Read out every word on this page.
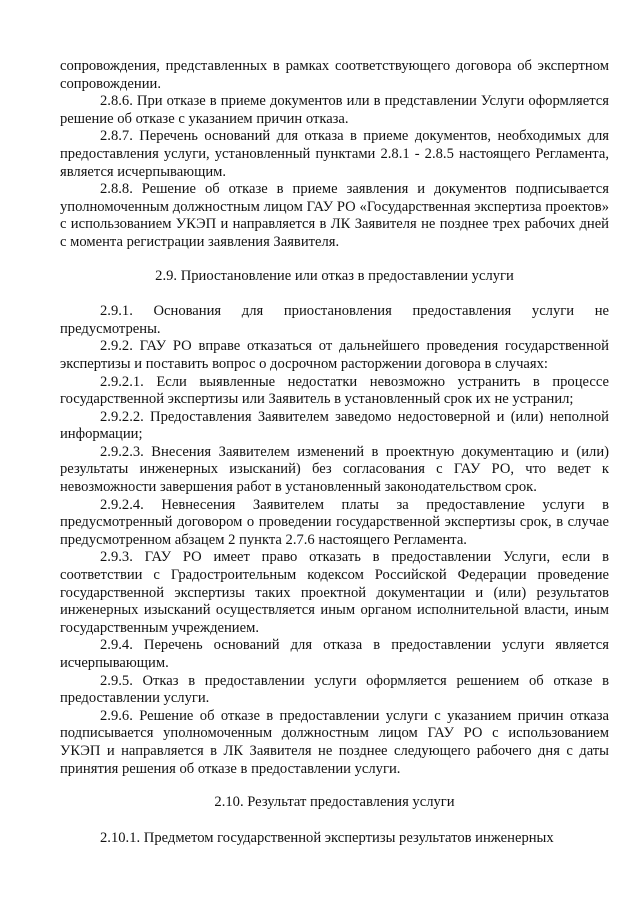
сопровождения, представленных в рамках соответствующего договора об экспертном сопровождении.

2.8.6. При отказе в приеме документов или в представлении Услуги оформляется решение об отказе с указанием причин отказа.

2.8.7. Перечень оснований для отказа в приеме документов, необходимых для предоставления услуги, установленный пунктами 2.8.1 - 2.8.5 настоящего Регламента, является исчерпывающим.

2.8.8. Решение об отказе в приеме заявления и документов подписывается уполномоченным должностным лицом ГАУ РО «Государственная экспертиза проектов» с использованием УКЭП и направляется в ЛК Заявителя не позднее трех рабочих дней с момента регистрации заявления Заявителя.

2.9. Приостановление или отказ в предоставлении услуги

2.9.1. Основания для приостановления предоставления услуги не предусмотрены.

2.9.2. ГАУ РО вправе отказаться от дальнейшего проведения государственной экспертизы и поставить вопрос о досрочном расторжении договора в случаях:

2.9.2.1. Если выявленные недостатки невозможно устранить в процессе государственной экспертизы или Заявитель в установленный срок их не устранил;

2.9.2.2. Предоставления Заявителем заведомо недостоверной и (или) неполной информации;

2.9.2.3. Внесения Заявителем изменений в проектную документацию и (или) результаты инженерных изысканий) без согласования с ГАУ РО, что ведет к невозможности завершения работ в установленный законодательством срок.

2.9.2.4. Невнесения Заявителем платы за предоставление услуги в предусмотренный договором о проведении государственной экспертизы срок, в случае предусмотренном абзацем 2 пункта 2.7.6 настоящего Регламента.

2.9.3. ГАУ РО имеет право отказать в предоставлении Услуги, если в соответствии с Градостроительным кодексом Российской Федерации проведение государственной экспертизы таких проектной документации и (или) результатов инженерных изысканий осуществляется иным органом исполнительной власти, иным государственным учреждением.

2.9.4. Перечень оснований для отказа в предоставлении услуги является исчерпывающим.

2.9.5. Отказ в предоставлении услуги оформляется решением об отказе в предоставлении услуги.

2.9.6. Решение об отказе в предоставлении услуги с указанием причин отказа подписывается уполномоченным должностным лицом ГАУ РО с использованием УКЭП и направляется в ЛК Заявителя не позднее следующего рабочего дня с даты принятия решения об отказе в предоставлении услуги.

2.10. Результат предоставления услуги

2.10.1. Предметом государственной экспертизы результатов инженерных
